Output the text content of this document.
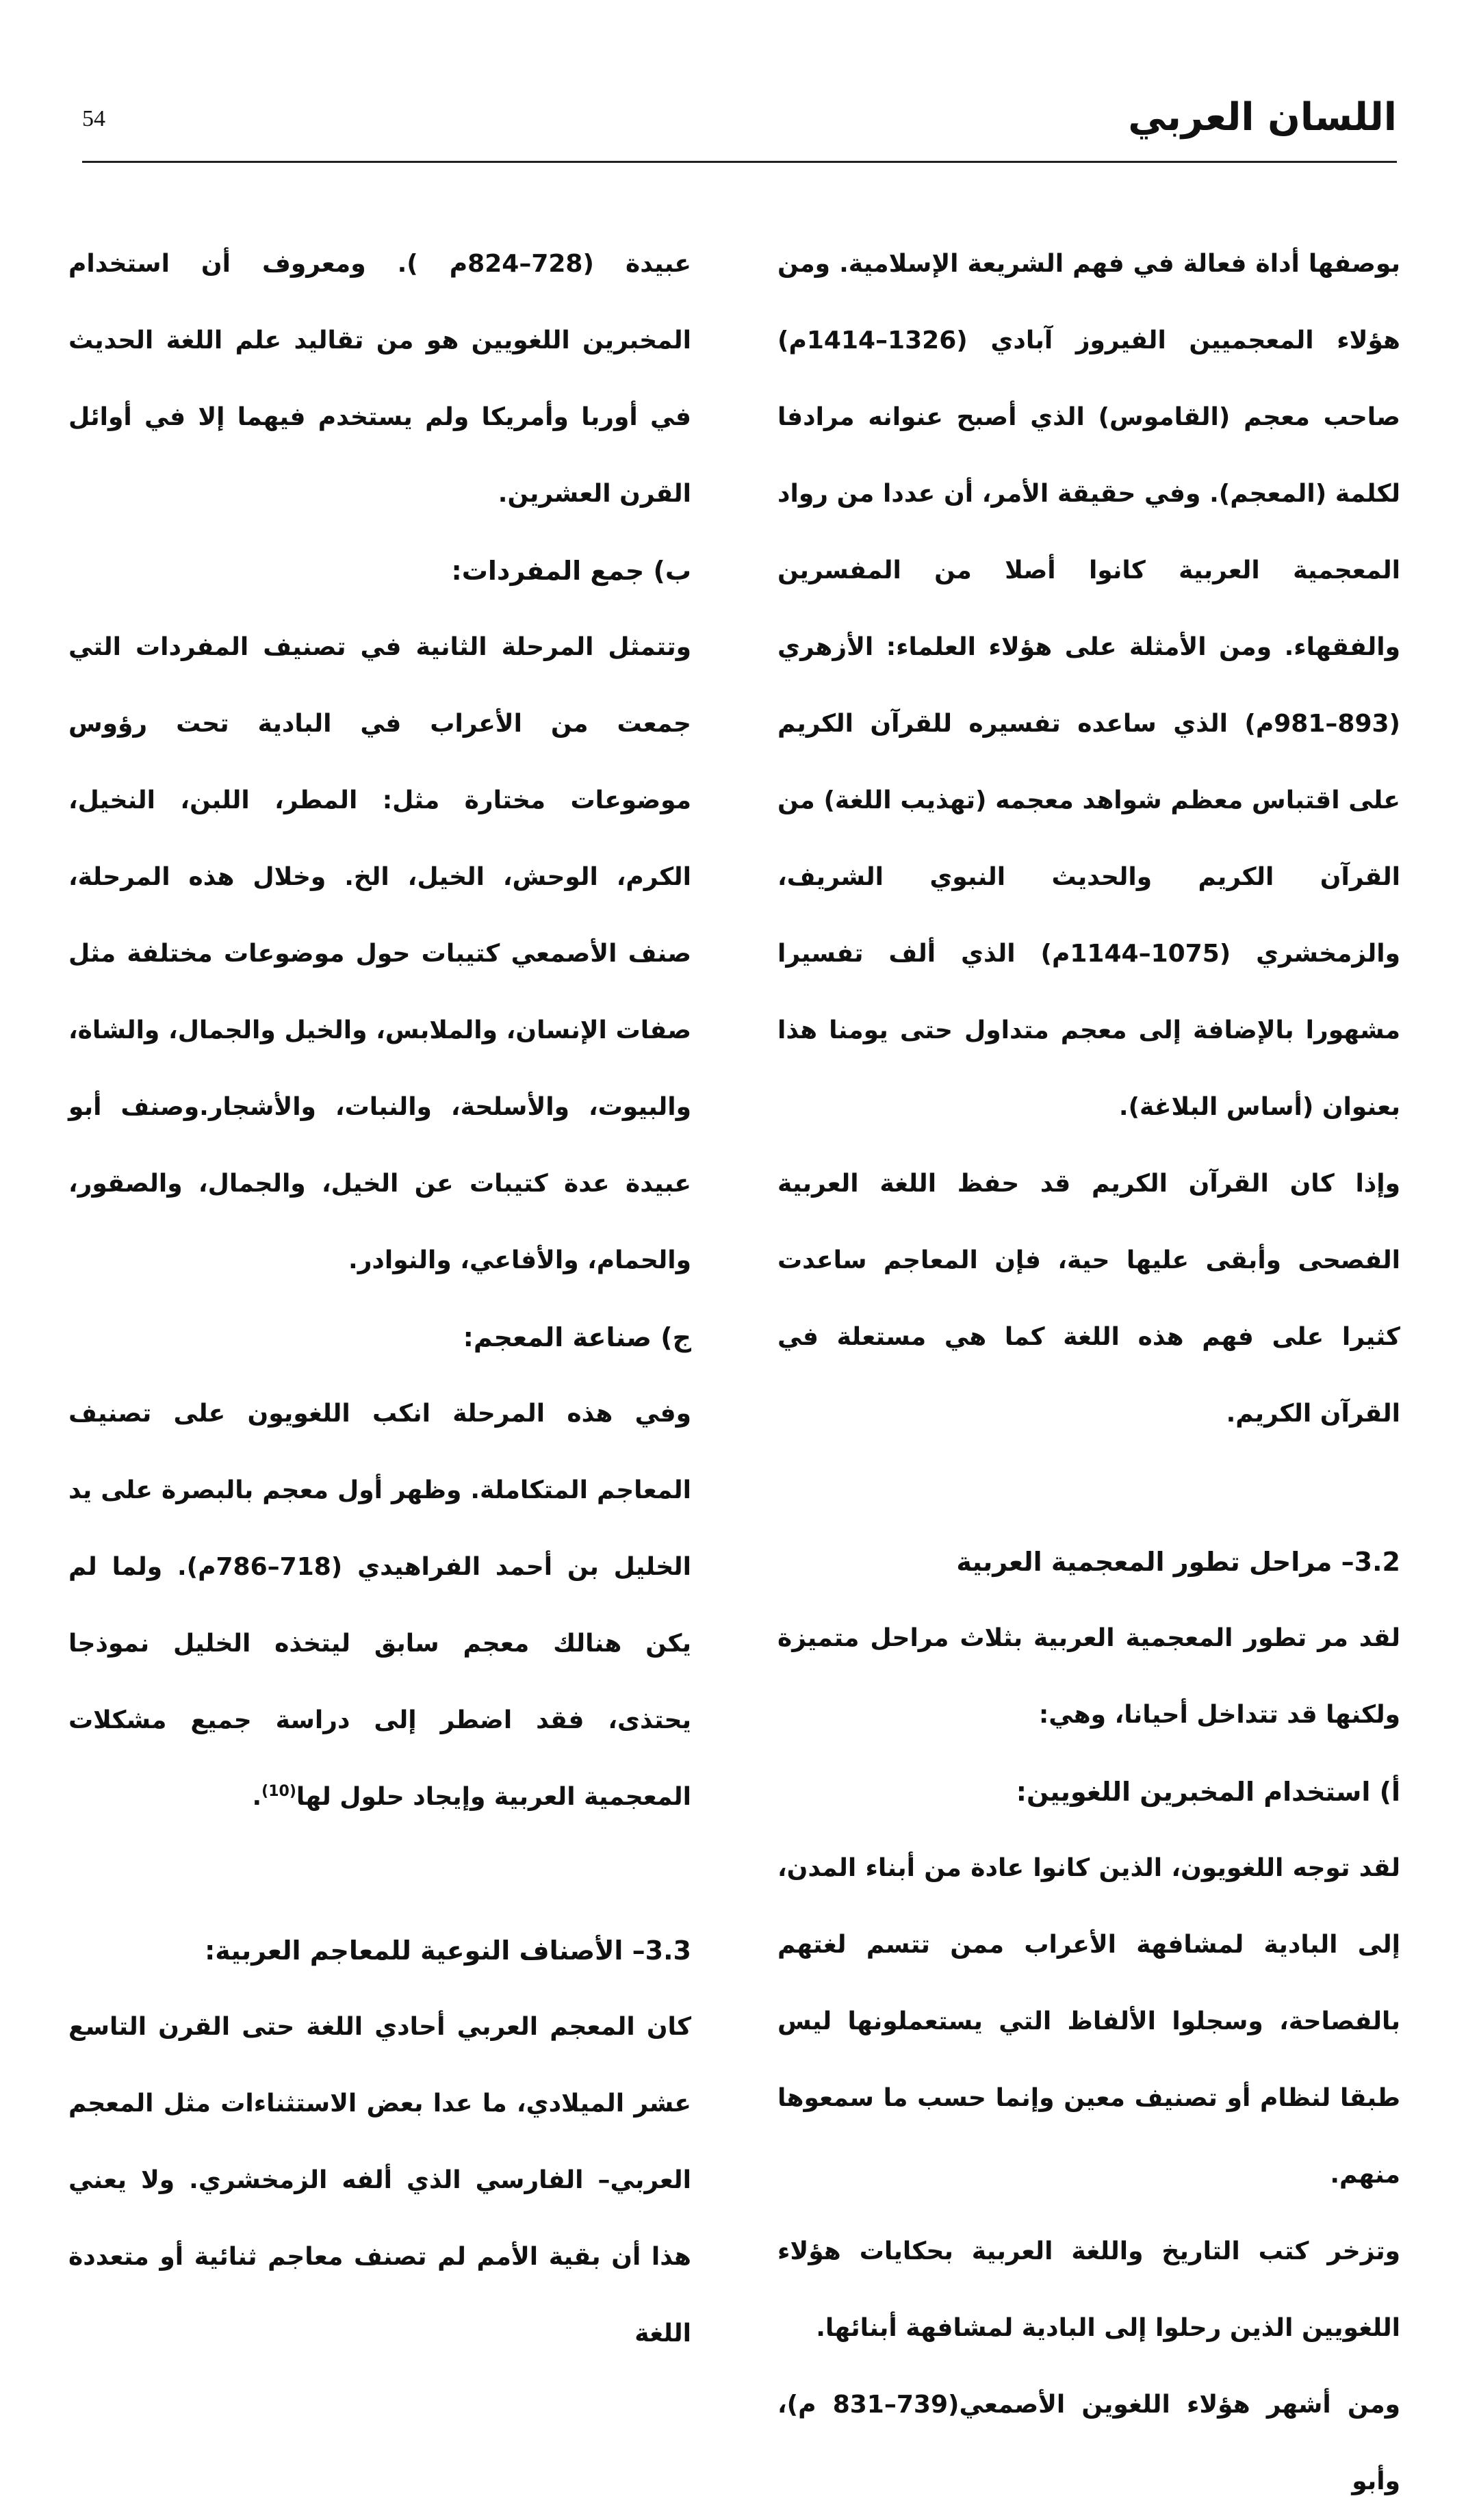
54	اللسان العربي

بوصفها أداة فعالة في فهم الشريعة الإسلامية. ومن هؤلاء المعجميين الفيروز آبادي (1326–1414م) صاحب معجم (القاموس) الذي أصبح عنوانه مرادفا لكلمة (المعجم). وفي حقيقة الأمر، أن عددا من رواد المعجمية العربية كانوا أصلا من المفسرين والفقهاء. ومن الأمثلة على هؤلاء العلماء: الأزهري (893–981م) الذي ساعده تفسيره للقرآن الكريم على اقتباس معظم شواهد معجمه (تهذيب اللغة) من القرآن الكريم والحديث النبوي الشريف، والزمخشري (1075–1144م) الذي ألف تفسيرا مشهورا بالإضافة إلى معجم متداول حتى يومنا هذا بعنوان (أساس البلاغة).

وإذا كان القرآن الكريم قد حفظ اللغة العربية الفصحى وأبقى عليها حية، فإن المعاجم ساعدت كثيرا على فهم هذه اللغة كما هي مستعلة في القرآن الكريم.

3.2– مراحل تطور المعجمية العربية

لقد مر تطور المعجمية العربية بثلاث مراحل متميزة ولكنها قد تتداخل أحيانا، وهي:

أ) استخدام المخبرين اللغويين:

لقد توجه اللغويون، الذين كانوا عادة من أبناء المدن، إلى البادية لمشافهة الأعراب ممن تتسم لغتهم بالفصاحة، وسجلوا الألفاظ التي يستعملونها ليس طبقا لنظام أو تصنيف معين وإنما حسب ما سمعوها منهم.

وتزخر كتب التاريخ واللغة العربية بحكايات هؤلاء اللغويين الذين رحلوا إلى البادية لمشافهة أبنائها.

ومن أشهر هؤلاء اللغوين الأصمعي(739–831 م)، وأبو

عبيدة (728–824م ). ومعروف أن استخدام المخبرين اللغويين هو من تقاليد علم اللغة الحديث في أوربا وأمريكا ولم يستخدم فيهما إلا في أوائل القرن العشرين.

ب) جمع المفردات:

وتتمثل المرحلة الثانية في تصنيف المفردات التي جمعت من الأعراب في البادية تحت رؤوس موضوعات مختارة مثل: المطر، اللبن، النخيل، الكرم، الوحش، الخيل، الخ. وخلال هذه المرحلة، صنف الأصمعي كتيبات حول موضوعات مختلفة مثل صفات الإنسان، والملابس، والخيل والجمال، والشاة، والبيوت، والأسلحة، والنبات، والأشجار.وصنف أبو عبيدة عدة كتيبات عن الخيل، والجمال، والصقور، والحمام، والأفاعي، والنوادر.

ج) صناعة المعجم:

وفي هذه المرحلة انكب اللغويون على تصنيف المعاجم المتكاملة. وظهر أول معجم بالبصرة على يد الخليل بن أحمد الفراهيدي (718–786م). ولما لم يكن هنالك معجم سابق ليتخذه الخليل نموذجا يحتذى، فقد اضطر إلى دراسة جميع مشكلات المعجمية العربية وإيجاد حلول لها$^{(10)}$.

3.3– الأصناف النوعية للمعاجم العربية:

كان المعجم العربي أحادي اللغة حتى القرن التاسع عشر الميلادي، ما عدا بعض الاستثناءات مثل المعجم العربي– الفارسي الذي ألفه الزمخشري. ولا يعني هذا أن بقية الأمم لم تصنف معاجم ثنائية أو متعددة اللغة
